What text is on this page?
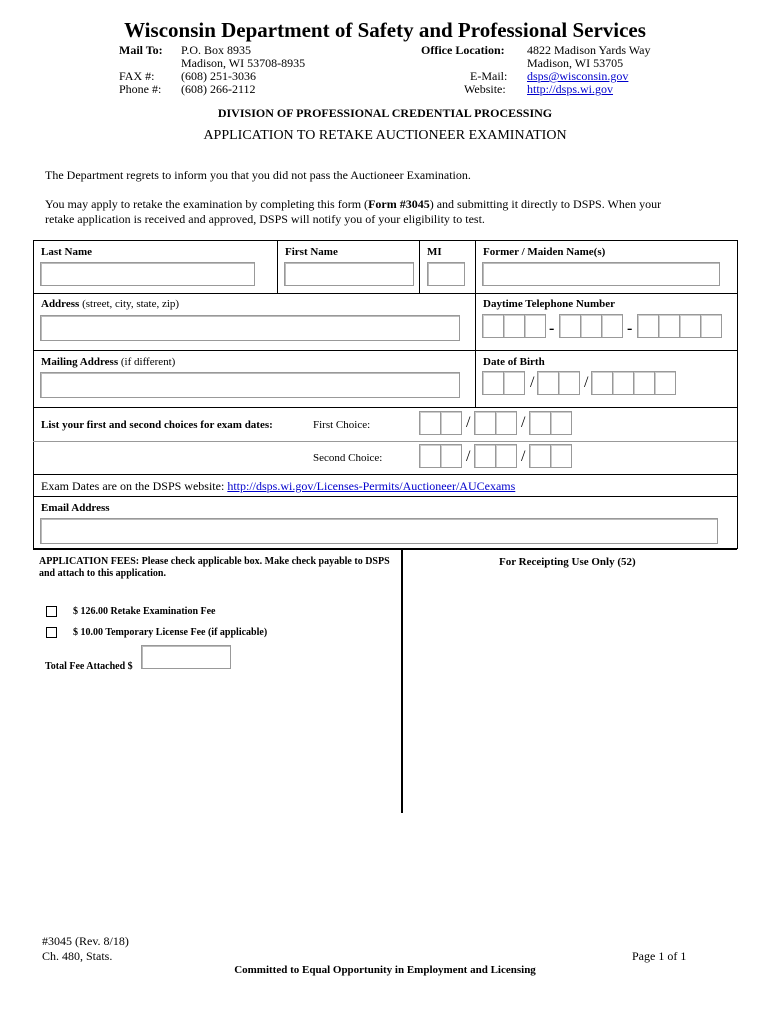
Wisconsin Department of Safety and Professional Services
Mail To: P.O. Box 8935
Madison, WI 53708-8935
FAX #: (608) 251-3036
Phone #: (608) 266-2112
Office Location: 4822 Madison Yards Way
Madison, WI 53705
E-Mail: dsps@wisconsin.gov
Website: http://dsps.wi.gov
DIVISION OF PROFESSIONAL CREDENTIAL PROCESSING
APPLICATION TO RETAKE AUCTIONEER EXAMINATION
The Department regrets to inform you that you did not pass the Auctioneer Examination.
You may apply to retake the examination by completing this form (Form #3045) and submitting it directly to DSPS. When your
retake application is received and approved, DSPS will notify you of your eligibility to test.
Last Name	First Name	MI	Former / Maiden Name(s)
Address (street, city, state, zip)	Daytime Telephone Number
-	-
Mailing Address (if different)	Date of Birth
/	/
List your first and second choices for exam dates:	First Choice:	/	/
Second Choice:	/	/
Exam Dates are on the DSPS website: http://dsps.wi.gov/Licenses-Permits/Auctioneer/AUCexams
Email Address
APPLICATION FEES: Please check applicable box. Make check payable to DSPS
and attach to this application.
For Receipting Use Only (52)
$ 126.00 Retake Examination Fee
$ 10.00 Temporary License Fee (if applicable)
Total Fee Attached $
#3045 (Rev. 8/18)
Ch. 480, Stats.	Page 1 of 1
Committed to Equal Opportunity in Employment and Licensing
